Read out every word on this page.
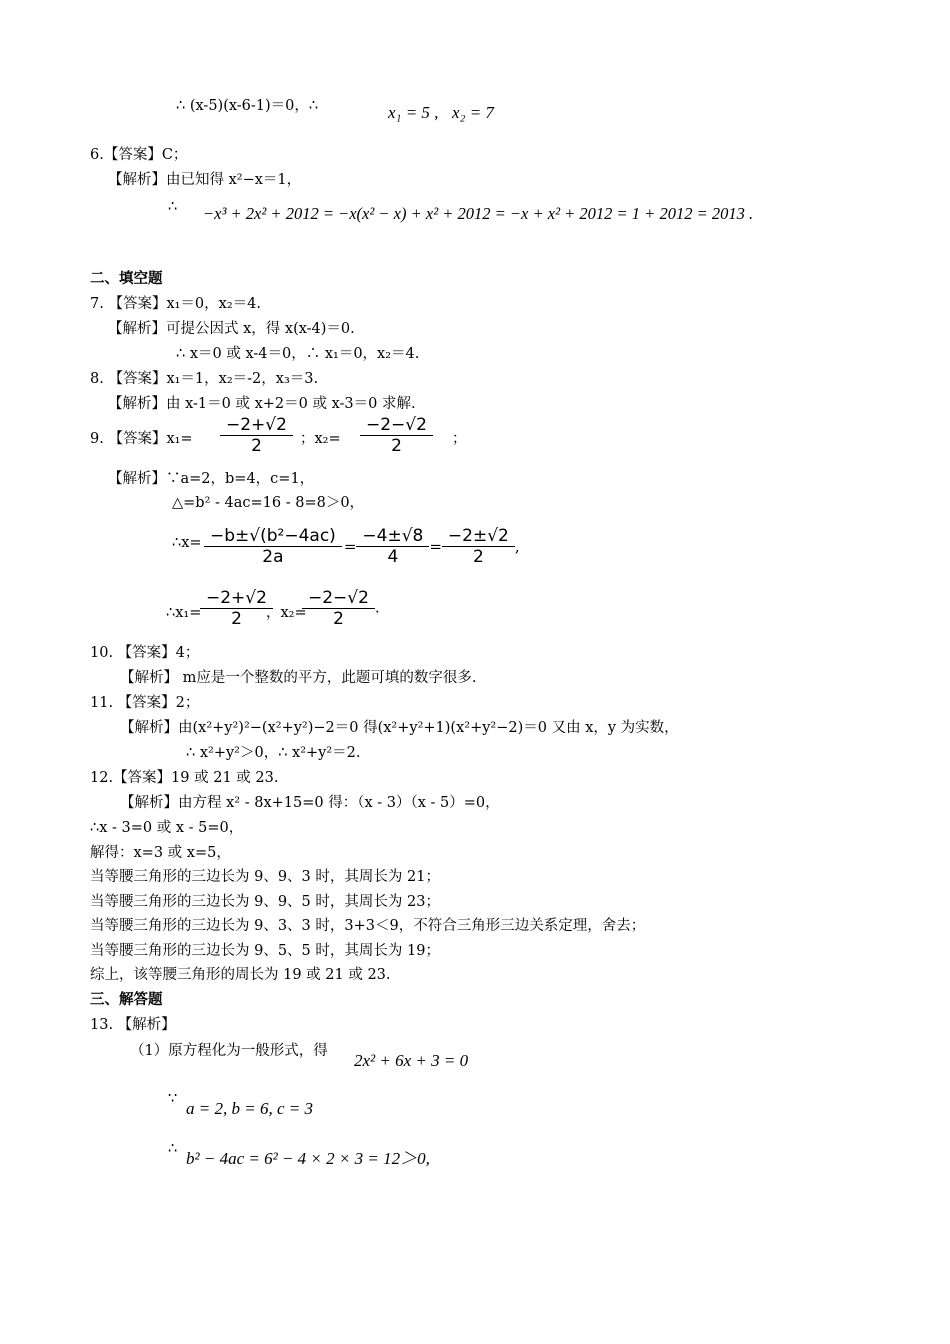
∴ (x-5)(x-6-1)＝0，∴	x₁ = 5 , x₂ = 7
6.【答案】C；
【解析】由已知得 x²−x＝1，
∴ −x³ + 2x² + 2012 = −x(x² − x) + x² + 2012 = −x + x² + 2012 = 1 + 2012 = 2013 .
二、填空题
7. 【答案】x₁＝0，x₂＝4.
【解析】可提公因式 x，得 x(x-4)＝0.
∴ x＝0 或 x-4＝0，∴ x₁＝0，x₂＝4.
8. 【答案】x₁＝1，x₂＝-2，x₃＝3.
【解析】由 x-1＝0 或 x+2＝0 或 x-3＝0 求解.
9. 【答案】$x_1= \frac{-2+√2}{2}$ ；$x_2= \frac{-2-√2}{2}$ ；
【解析】∵a=2，b=4，c=1，
△=b² - 4ac=16 - 8=8＞0，
∴x= $\frac{\text{−b±√(b²−4ac)}}{2a} = \frac{-4\pm√8}{4} = \frac{-2\pm√2}{2}$ ,
∴x₁=
$\frac{-2+√2}{2}$
，x₂=
$\frac{-2-√2}{2}$ .
10. 【答案】4；
【解析】 m应是一个整数的平方，此题可填的数字很多.
11. 【答案】2；
【解析】由(x²+y²)²−(x²+y²)−2＝0 得(x²+y²+1)(x²+y²−2)＝0 又由 x，y 为实数，
∴ x²+y²＞0，∴ x²+y²＝2.
12.【答案】19 或 21 或 23.
【解析】由方程 x² - 8x+15=0 得：（x - 3）（x - 5）=0，
∴x - 3=0 或 x - 5=0，
解得：x=3 或 x=5，
当等腰三角形的三边长为 9、9、3 时，其周长为 21；
当等腰三角形的三边长为 9、9、5 时，其周长为 23；
当等腰三角形的三边长为 9、3、3 时，3+3＜9，不符合三角形三边关系定理，舍去；
当等腰三角形的三边长为 9、5、5 时，其周长为 19；
综上，该等腰三角形的周长为 19 或 21 或 23.
三、解答题
13. 【解析】
（1）原方程化为一般形式，得 2x² + 6x + 3 = 0
∵ a = 2, b = 6, c = 3
∴ b² − 4ac = 6² − 4 × 2 × 3 = 12＞0,
